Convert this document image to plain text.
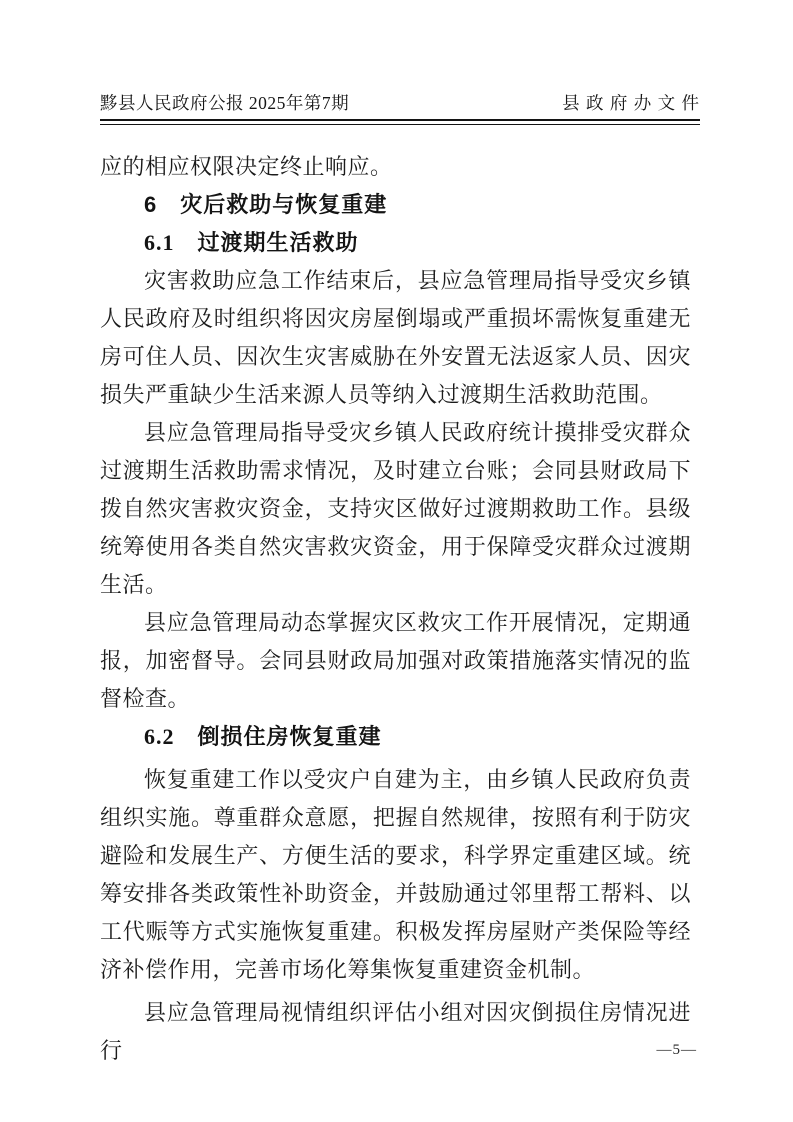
黟县人民政府公报 2025年第7期	县 政 府 办 文 件

应的相应权限决定终止响应。

6　灾后救助与恢复重建

6.1　过渡期生活救助

灾害救助应急工作结束后，县应急管理局指导受灾乡镇人民政府及时组织将因灾房屋倒塌或严重损坏需恢复重建无房可住人员、因次生灾害威胁在外安置无法返家人员、因灾损失严重缺少生活来源人员等纳入过渡期生活救助范围。

县应急管理局指导受灾乡镇人民政府统计摸排受灾群众过渡期生活救助需求情况，及时建立台账；会同县财政局下拨自然灾害救灾资金，支持灾区做好过渡期救助工作。县级统筹使用各类自然灾害救灾资金，用于保障受灾群众过渡期生活。

县应急管理局动态掌握灾区救灾工作开展情况，定期通报，加密督导。会同县财政局加强对政策措施落实情况的监督检查。

6.2　倒损住房恢复重建

恢复重建工作以受灾户自建为主，由乡镇人民政府负责组织实施。尊重群众意愿，把握自然规律，按照有利于防灾避险和发展生产、方便生活的要求，科学界定重建区域。统筹安排各类政策性补助资金，并鼓励通过邻里帮工帮料、以工代赈等方式实施恢复重建。积极发挥房屋财产类保险等经济补偿作用，完善市场化筹集恢复重建资金机制。

县应急管理局视情组织评估小组对因灾倒损住房情况进行	—5—
